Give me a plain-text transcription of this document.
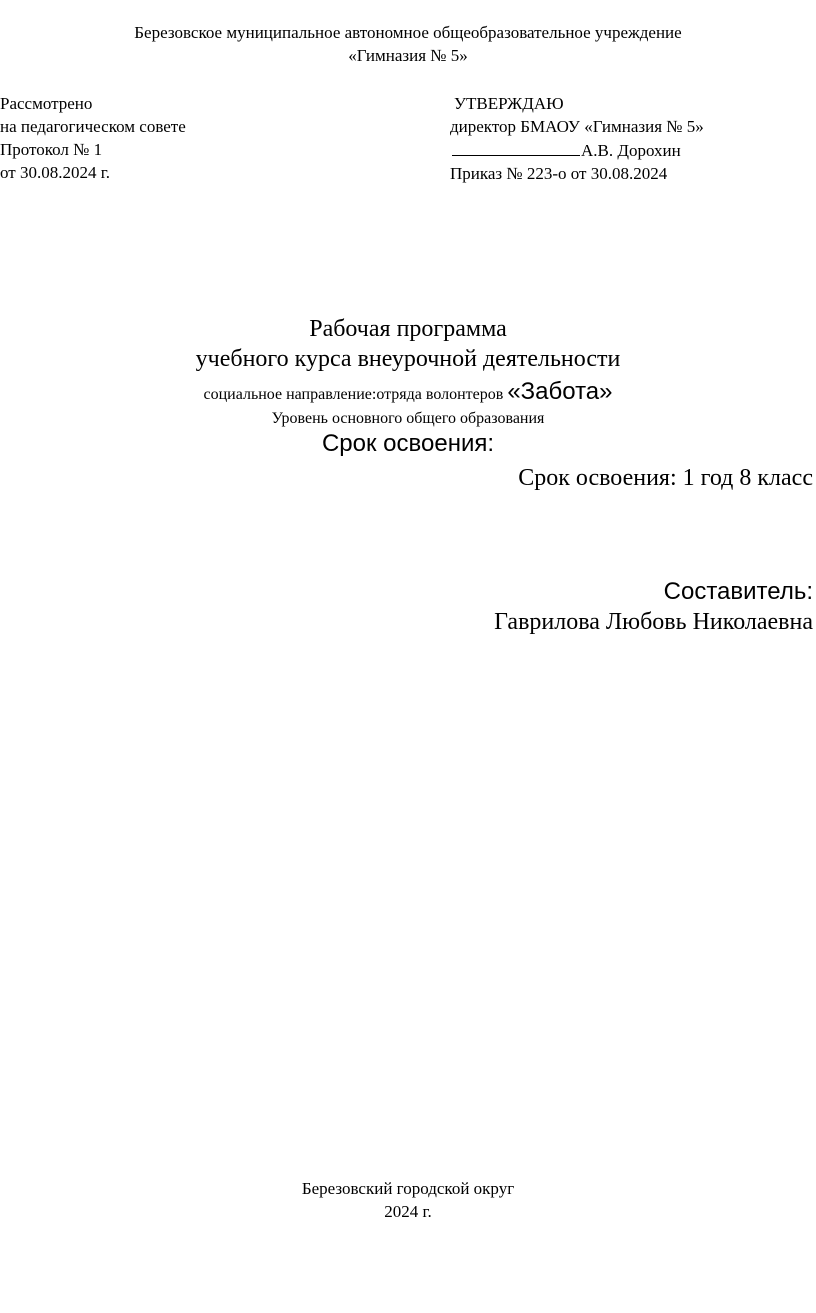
Березовское муниципальное автономное общеобразовательное учреждение
«Гимназия № 5»
Рассмотрено
на педагогическом совете
Протокол № 1
от 30.08.2024 г.
УТВЕРЖДАЮ
директор БМАОУ «Гимназия № 5»
А.В. Дорохин
Приказ № 223-о от 30.08.2024
Рабочая программа
учебного курса внеурочной деятельности
социальное направление:отряда волонтеров «Забота»
Уровень основного общего образования
Срок освоения:
Срок освоения: 1 год 8 класс
Составитель:
Гаврилова Любовь Николаевна
Березовский городской округ
2024 г.
